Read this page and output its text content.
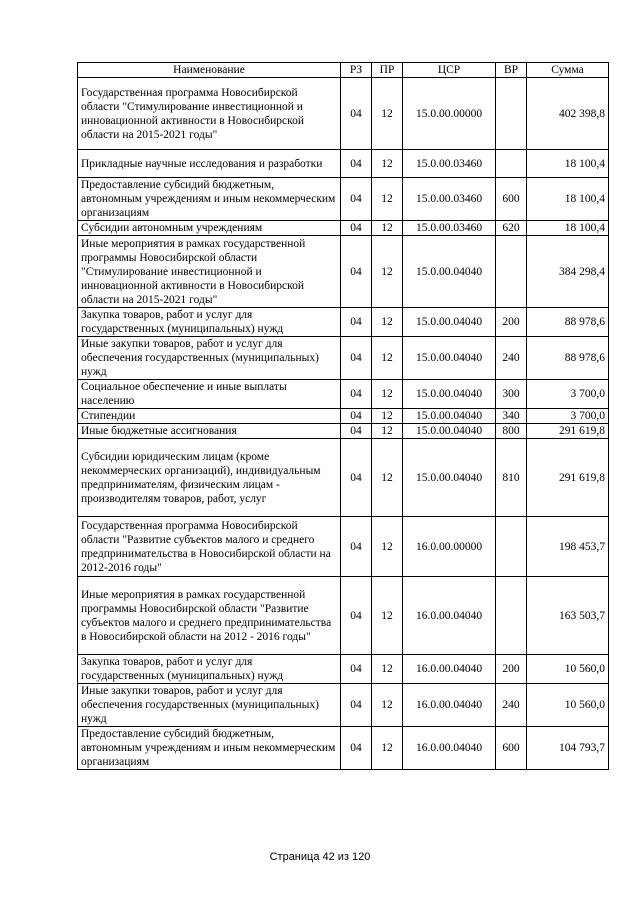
Наименование	РЗ	ПР	ЦСР	ВР	Сумма
Государственная программа Новосибирской области "Стимулирование инвестиционной и инновационной активности в Новосибирской области на 2015-2021 годы"	04	12	15.0.00.00000		402 398,8
Прикладные научные исследования и разработки	04	12	15.0.00.03460		18 100,4
Предоставление субсидий бюджетным, автономным учреждениям и иным некоммерческим организациям	04	12	15.0.00.03460	600	18 100,4
Субсидии автономным учреждениям	04	12	15.0.00.03460	620	18 100,4
Иные мероприятия в рамках государственной программы Новосибирской области "Стимулирование инвестиционной и инновационной активности в Новосибирской области на 2015-2021 годы"	04	12	15.0.00.04040		384 298,4
Закупка товаров, работ и услуг для государственных (муниципальных) нужд	04	12	15.0.00.04040	200	88 978,6
Иные закупки товаров, работ и услуг для обеспечения государственных (муниципальных) нужд	04	12	15.0.00.04040	240	88 978,6
Социальное обеспечение и иные выплаты населению	04	12	15.0.00.04040	300	3 700,0
Стипендии	04	12	15.0.00.04040	340	3 700,0
Иные бюджетные ассигнования	04	12	15.0.00.04040	800	291 619,8
Субсидии юридическим лицам (кроме некоммерческих организаций), индивидуальным предпринимателям, физическим лицам - производителям товаров, работ, услуг	04	12	15.0.00.04040	810	291 619,8
Государственная программа Новосибирской области "Развитие субъектов малого и среднего предпринимательства в Новосибирской области на 2012-2016 годы"	04	12	16.0.00.00000		198 453,7
Иные мероприятия в рамках государственной программы Новосибирской области "Развитие субъектов малого и среднего предпринимательства в Новосибирской области на 2012 - 2016 годы"	04	12	16.0.00.04040		163 503,7
Закупка товаров, работ и услуг для государственных (муниципальных) нужд	04	12	16.0.00.04040	200	10 560,0
Иные закупки товаров, работ и услуг для обеспечения государственных (муниципальных) нужд	04	12	16.0.00.04040	240	10 560,0
Предоставление субсидий бюджетным, автономным учреждениям и иным некоммерческим организациям	04	12	16.0.00.04040	600	104 793,7
Страница 42 из 120
